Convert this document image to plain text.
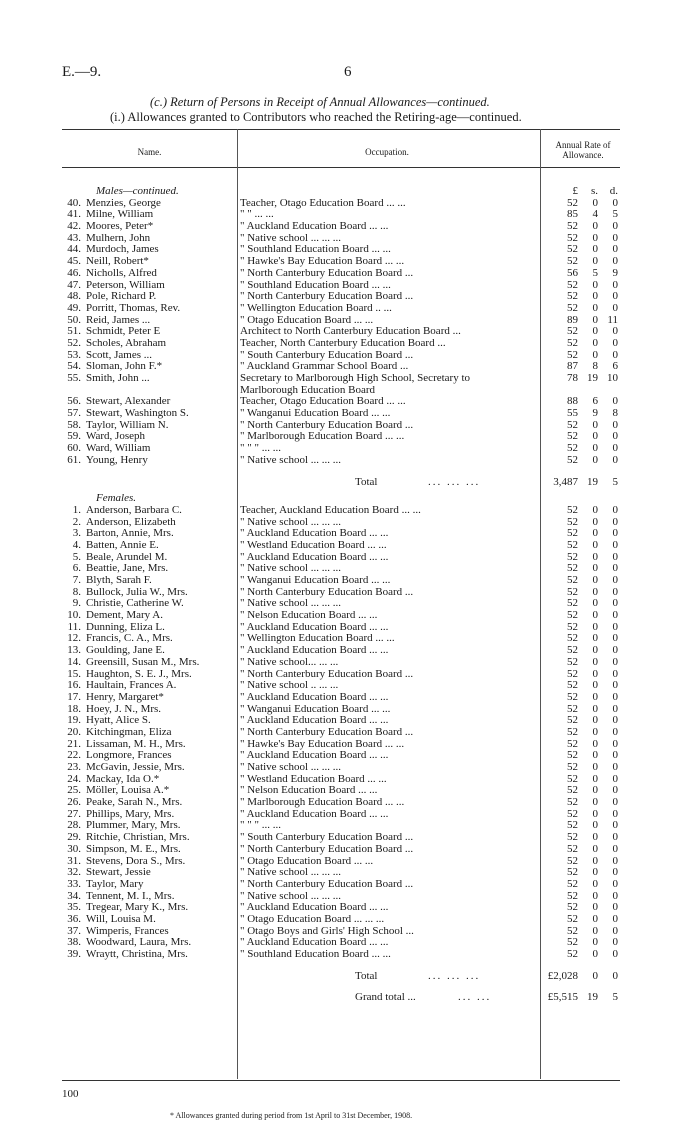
E.—9.	6
(c.) Return of Persons in Receipt of Annual Allowances—continued.
(i.) Allowances granted to Contributors who reached the Retiring-age—continued.
Name.	Occupation.
Annual Rate of Allowance.
Males—continued.	£	s.	d.
40. Menzies, George	Teacher, Otago Education Board ... ...	52	0	0
41. Milne, William	" " ... ...	85	4	5
42. Moores, Peter*	" Auckland Education Board ... ...	52	0	0
43. Mulhern, John	" Native school ... ... ...	52	0	0
44. Murdoch, James	" Southland Education Board ... ...	52	0	0
45. Neill, Robert*	" Hawke's Bay Education Board ... ...	52	0	0
46. Nicholls, Alfred	" North Canterbury Education Board ...	56	5	9
47. Peterson, William	" Southland Education Board ... ...	52	0	0
48. Pole, Richard P.	" North Canterbury Education Board ...	52	0	0
49. Porritt, Thomas, Rev.	" Wellington Education Board .. ...	52	0	0
50. Reid, James ...	" Otago Education Board ... ...	89	0 11
51. Schmidt, Peter E	Architect to North Canterbury Education Board ...	52	0	0
52. Scholes, Abraham	Teacher, North Canterbury Education Board ...	52	0	0
53. Scott, James ...	" South Canterbury Education Board ...	52	0	0
54. Sloman, John F.*	" Auckland Grammar School Board ...	87	8	6
55. Smith, John ...	Secretary to Marlborough High School, Secretary to	78 19 10
Marlborough Education Board
56. Stewart, Alexander	Teacher, Otago Education Board ... ...	88	6	0
57. Stewart, Washington S.	" Wanganui Education Board ... ...	55	9	8
58. Taylor, William N.	" North Canterbury Education Board ...	52	0	0
59. Ward, Joseph	" Marlborough Education Board ... ...	52	0	0
60. Ward, William	" " " ... ...	52	0	0
61. Young, Henry	" Native school ... ... ...	52	0	0
Total	... ... ...	3,487 19	5
Females.
1. Anderson, Barbara C.	Teacher, Auckland Education Board ... ...	52	0	0
2. Anderson, Elizabeth	" Native school ... ... ...	52	0	0
3. Barton, Annie, Mrs.	" Auckland Education Board ... ...	52	0	0
4. Batten, Annie E.	" Westland Education Board ... ...	52	0	0
5. Beale, Arundel M.	" Auckland Education Board ... ...	52	0	0
6. Beattie, Jane, Mrs.	" Native school ... ... ...	52	0	0
7. Blyth, Sarah F.	" Wanganui Education Board ... ...	52	0	0
8. Bullock, Julia W., Mrs.	" North Canterbury Education Board ...	52	0	0
9. Christie, Catherine W.	" Native school ... ... ...	52	0	0
10. Dement, Mary A.	" Nelson Education Board ... ...	52	0	0
11. Dunning, Eliza L.	" Auckland Education Board ... ...	52	0	0
12. Francis, C. A., Mrs.	" Wellington Education Board ... ...	52	0	0
13. Goulding, Jane E.	" Auckland Education Board ... ...	52	0	0
14. Greensill, Susan M., Mrs.	" Native school... ... ...	52	0	0
15. Haughton, S. E. J., Mrs.	" North Canterbury Education Board ...	52	0	0
16. Haultain, Frances A.	" Native school .. ... ...	52	0	0
17. Henry, Margaret*	" Auckland Education Board ... ...	52	0	0
18. Hoey, J. N., Mrs.	" Wanganui Education Board ... ...	52	0	0
19. Hyatt, Alice S.	" Auckland Education Board ... ...	52	0	0
20. Kitchingman, Eliza	" North Canterbury Education Board ...	52	0	0
21. Lissaman, M. H., Mrs.	" Hawke's Bay Education Board ... ...	52	0	0
22. Longmore, Frances	" Auckland Education Board ... ...	52	0	0
23. McGavin, Jessie, Mrs.	" Native school ... ... ...	52	0	0
24. Mackay, Ida O.*	" Westland Education Board ... ...	52	0	0
25. Möller, Louisa A.*	" Nelson Education Board ... ...	52	0	0
26. Peake, Sarah N., Mrs.	" Marlborough Education Board ... ...	52	0	0
27. Phillips, Mary, Mrs.	" Auckland Education Board ... ...	52	0	0
28. Plummer, Mary, Mrs.	" " " ... ...	52	0	0
29. Ritchie, Christian, Mrs.	" South Canterbury Education Board ...	52	0	0
30. Simpson, M. E., Mrs.	" North Canterbury Education Board ...	52	0	0
31. Stevens, Dora S., Mrs.	" Otago Education Board ... ...	52	0	0
32. Stewart, Jessie	" Native school ... ... ...	52	0	0
33. Taylor, Mary	" North Canterbury Education Board ...	52	0	0
34. Tennent, M. I., Mrs.	" Native school ... ... ...	52	0	0
35. Tregear, Mary K., Mrs.	" Auckland Education Board ... ...	52	0	0
36. Will, Louisa M.	" Otago Education Board ... ... ...	52	0	0
37. Wimperis, Frances	" Otago Boys and Girls' High School ...	52	0	0
38. Woodward, Laura, Mrs.	" Auckland Education Board ... ...	52	0	0
39. Wraytt, Christina, Mrs.	" Southland Education Board ... ...	52	0	0
Total	... ... ...	£2,028	0	0
Grand total ...	... ...	£5,515 19	5
100
* Allowances granted during period from 1st April to 31st December, 1908.
